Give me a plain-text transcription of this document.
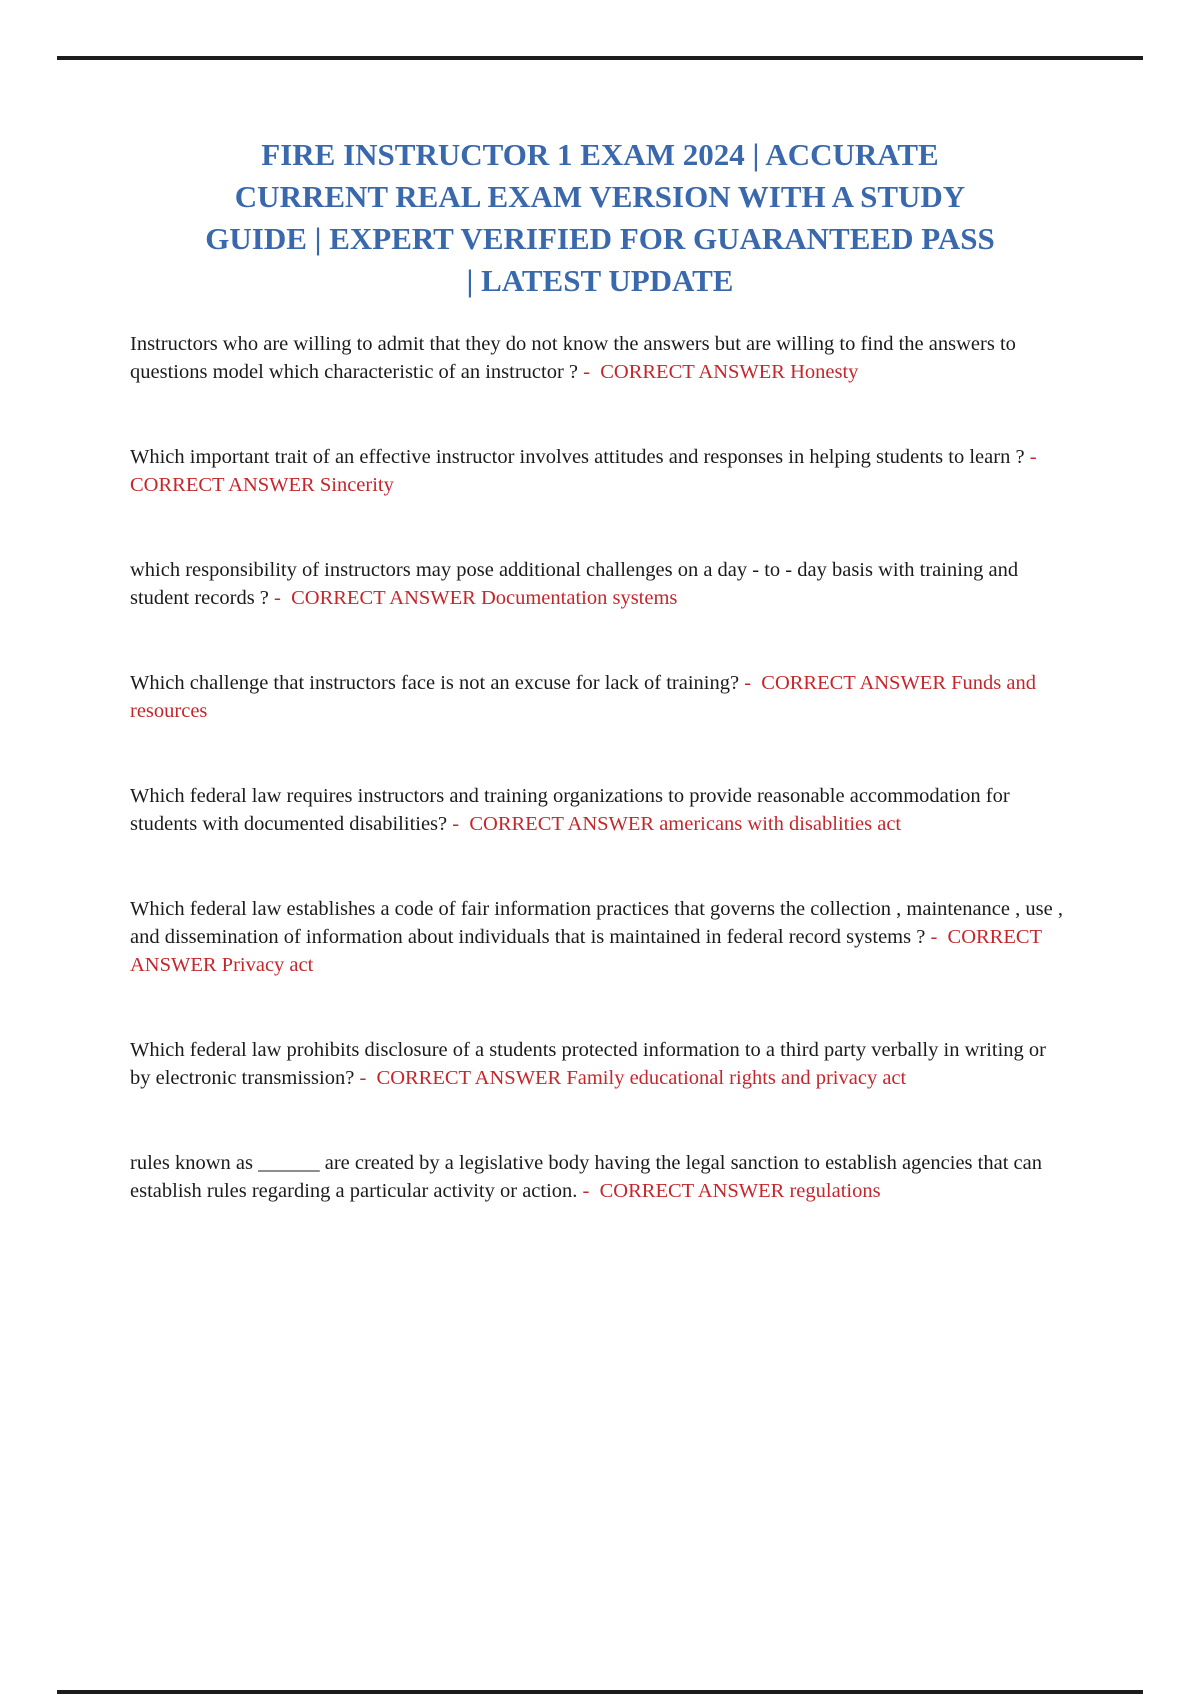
FIRE INSTRUCTOR 1 EXAM 2024 | ACCURATE
CURRENT REAL EXAM VERSION WITH A STUDY
GUIDE | EXPERT VERIFIED FOR GUARANTEED PASS
| LATEST UPDATE

Instructors who are willing to admit that they do not know the answers but are willing to find the answers to questions model which characteristic of an instructor ? -  CORRECT ANSWER Honesty

Which important trait of an effective instructor involves attitudes and responses in helping students to learn ? -  CORRECT ANSWER Sincerity

which responsibility of instructors may pose additional challenges on a day - to - day basis with training and student records ? -  CORRECT ANSWER Documentation systems

Which challenge that instructors face is not an excuse for lack of training? -  CORRECT ANSWER Funds and resources

Which federal law requires instructors and training organizations to provide reasonable accommodation for students with documented disabilities? -  CORRECT ANSWER americans with disablities act

Which federal law establishes a code of fair information practices that governs the collection , maintenance , use , and dissemination of information about individuals that is maintained in federal record systems ? -  CORRECT ANSWER Privacy act

Which federal law prohibits disclosure of a students protected information to a third party verbally in writing or by electronic transmission? -  CORRECT ANSWER Family educational rights and privacy act

rules known as ______ are created by a legislative body having the legal sanction to establish agencies that can establish rules regarding a particular activity or action. -  CORRECT ANSWER regulations
